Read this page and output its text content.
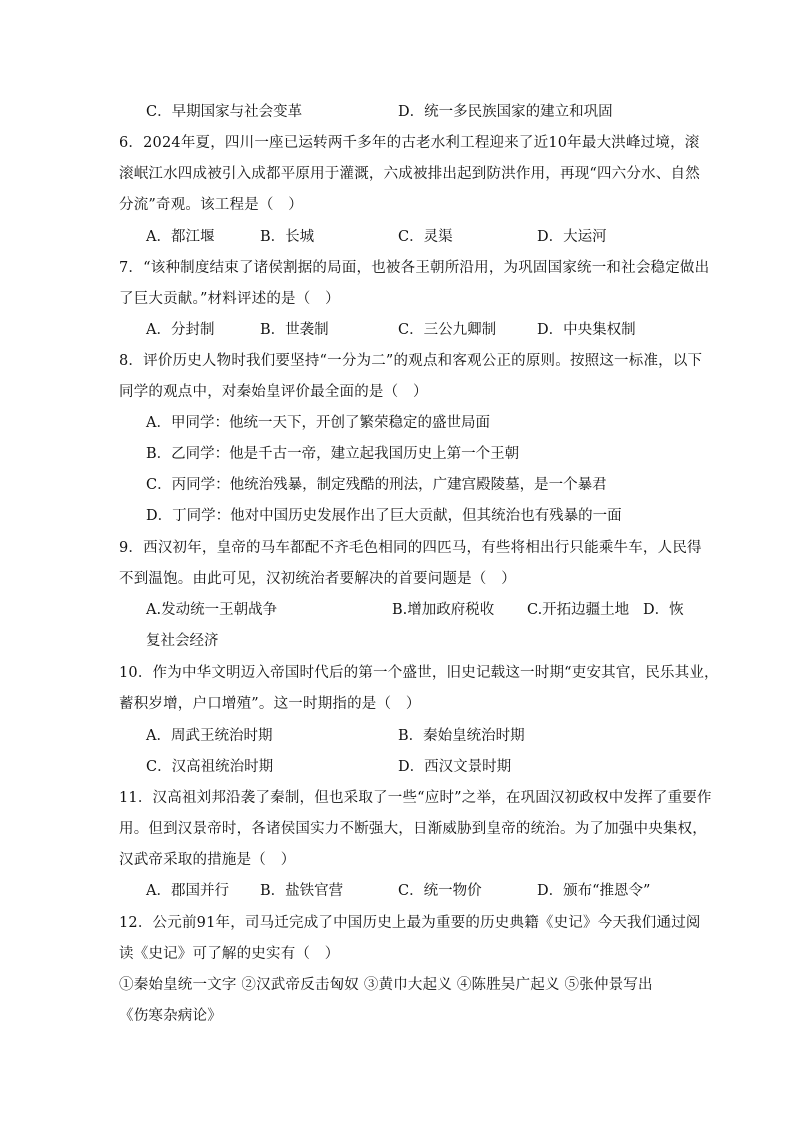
C．早期国家与社会变革	D．统一多民族国家的建立和巩固
6．2024年夏，四川一座已运转两千多年的古老水利工程迎来了近10年最大洪峰过境，滚
滚岷江水四成被引入成都平原用于灌溉，六成被排出起到防洪作用，再现“四六分水、自然
分流”奇观。该工程是（　）
A．都江堰	B．长城	C．灵渠	D．大运河
7．“该种制度结束了诸侯割据的局面，也被各王朝所沿用，为巩固国家统一和社会稳定做出
了巨大贡献。”材料评述的是（　）
A．分封制	B．世袭制	C．三公九卿制	D．中央集权制
8．评价历史人物时我们要坚持“一分为二”的观点和客观公正的原则。按照这一标准，以下
同学的观点中，对秦始皇评价最全面的是（　）
A．甲同学：他统一天下，开创了繁荣稳定的盛世局面
B．乙同学：他是千古一帝，建立起我国历史上第一个王朝
C．丙同学：他统治残暴，制定残酷的刑法，广建宫殿陵墓，是一个暴君
D．丁同学：他对中国历史发展作出了巨大贡献，但其统治也有残暴的一面
9．西汉初年，皇帝的马车都配不齐毛色相同的四匹马，有些将相出行只能乘牛车，人民得
不到温饱。由此可见，汉初统治者要解决的首要问题是（　）
A.发动统一王朝战争	B.增加政府税收 C.开拓边疆土地 D．恢
复社会经济
10．作为中华文明迈入帝国时代后的第一个盛世，旧史记载这一时期“吏安其官，民乐其业，
蓄积岁增，户口增殖”。这一时期指的是（　）
A．周武王统治时期	B．秦始皇统治时期
C．汉高祖统治时期	D．西汉文景时期
11．汉高祖刘邦沿袭了秦制，但也采取了一些“应时”之举，在巩固汉初政权中发挥了重要作
用。但到汉景帝时，各诸侯国实力不断强大，日渐威胁到皇帝的统治。为了加强中央集权，
汉武帝采取的措施是（　）
A．郡国并行 B．盐铁官营	C．统一物价	D．颁布“推恩令”
12．公元前91年，司马迁完成了中国历史上最为重要的历史典籍《史记》今天我们通过阅
读《史记》可了解的史实有（　）
①秦始皇统一文字 ②汉武帝反击匈奴 ③黄巾大起义 ④陈胜吴广起义 ⑤张仲景写出
《伤寒杂病论》
